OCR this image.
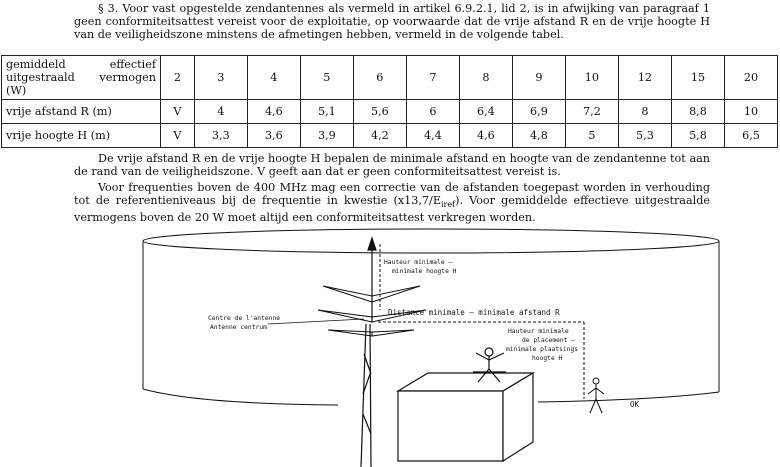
§ 3. Voor vast opgestelde zendantennes als vermeld in artikel 6.9.2.1, lid 2, is in afwijking van paragraaf 1 geen conformiteitsattest vereist voor de exploitatie, op voorwaarde dat de vrije afstand R en de vrije hoogte H van de veiligheidszone minstens de afmetingen hebben, vermeld in de volgende tabel.
gemiddeld effectief uitgestraald vermogen (W)	2	3	4	5	6	7	8	9	10	12	15	20
vrije afstand R (m)	V	4	4,6	5,1	5,6	6	6,4	6,9	7,2	8	8,8	10
vrije hoogte H (m)	V	3,3	3,6	3,9	4,2	4,4	4,6	4,8	5	5,3	5,8	6,5
De vrije afstand R en de vrije hoogte H bepalen de minimale afstand en hoogte van de zendantenne tot aan de rand van de veiligheidszone. V geeft aan dat er geen conformiteitsattest vereist is.
Voor frequenties boven de 400 MHz mag een correctie van de afstanden toegepast worden in verhouding tot de referentieniveaus bij de frequentie in kwestie $(x13,7/E_{iref})$. Voor gemiddelde effectieve uitgestraalde vermogens boven de 20 W moet altijd een conformiteitsattest verkregen worden.
Hauteur minimale –
minimale hoogte H
Centre de l'antenne
Antenne centrum
Distance minimale – minimale afstand R
Hauteur minimale
de placement –
minimale plaatsings
hoogte H
OK
